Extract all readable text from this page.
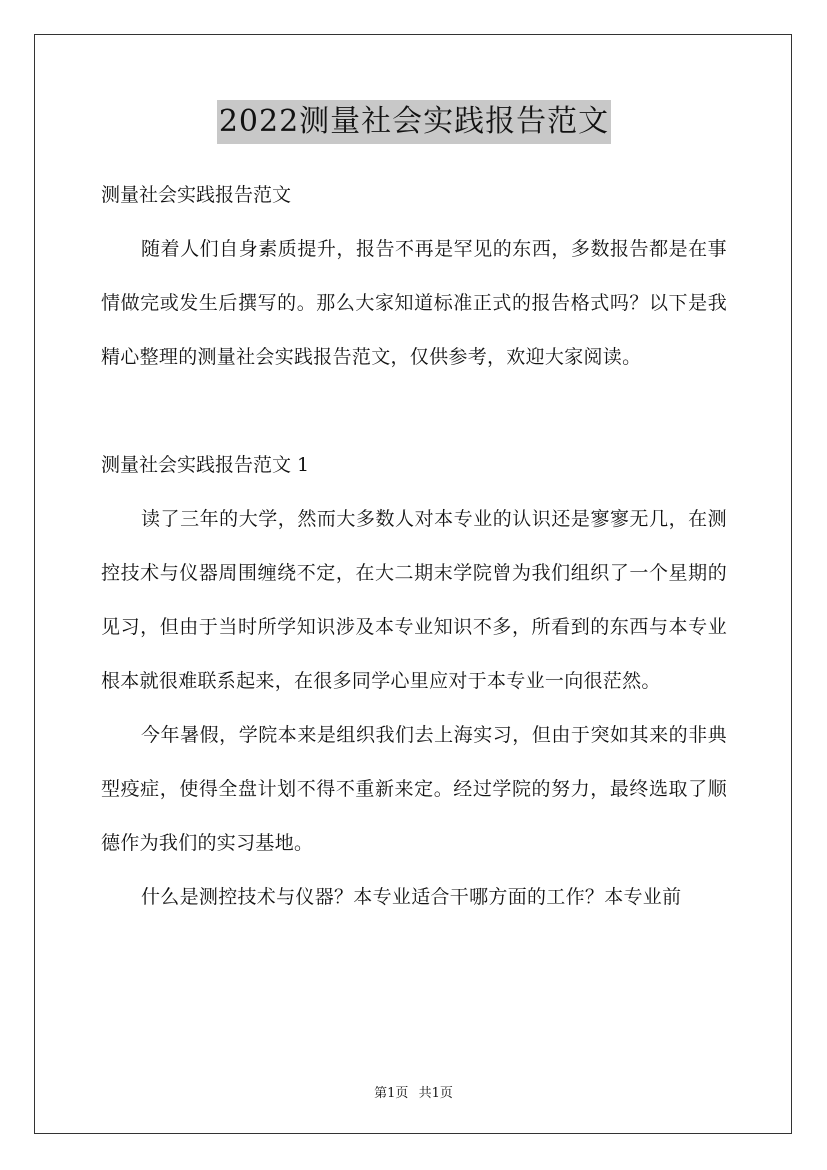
2022测量社会实践报告范文

测量社会实践报告范文

随着人们自身素质提升，报告不再是罕见的东西，多数报告都是在事情做完或发生后撰写的。那么大家知道标准正式的报告格式吗？以下是我精心整理的测量社会实践报告范文，仅供参考，欢迎大家阅读。

测量社会实践报告范文 1

读了三年的大学，然而大多数人对本专业的认识还是寥寥无几，在测控技术与仪器周围缠绕不定，在大二期末学院曾为我们组织了一个星期的见习，但由于当时所学知识涉及本专业知识不多，所看到的东西与本专业根本就很难联系起来，在很多同学心里应对于本专业一向很茫然。

今年暑假，学院本来是组织我们去上海实习，但由于突如其来的非典型疫症，使得全盘计划不得不重新来定。经过学院的努力，最终选取了顺德作为我们的实习基地。

什么是测控技术与仪器？本专业适合干哪方面的工作？本专业前

第1页 共1页
